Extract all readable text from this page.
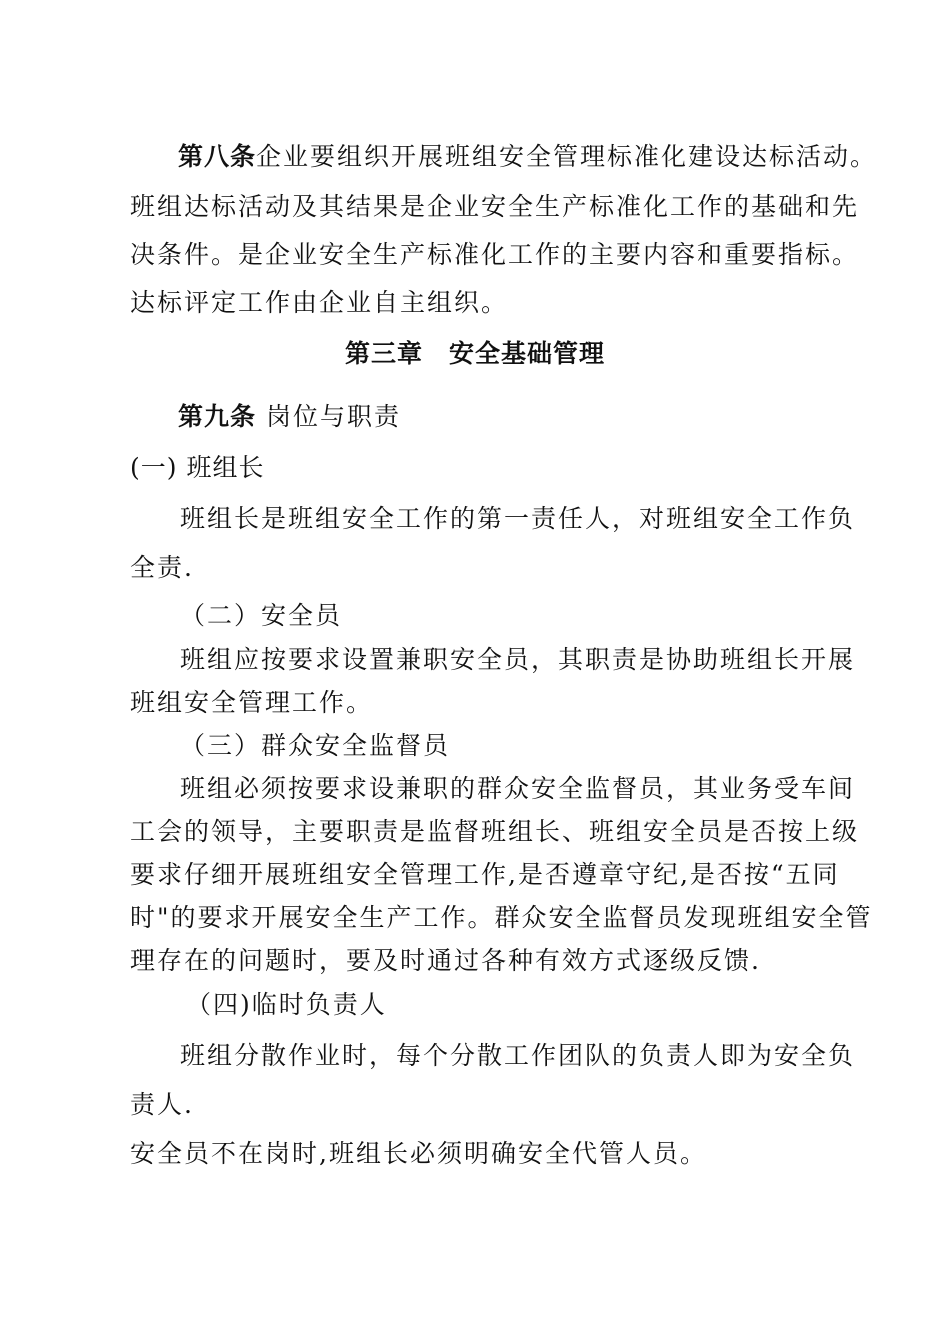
第八条企业要组织开展班组安全管理标准化建设达标活动。
班组达标活动及其结果是企业安全生产标准化工作的基础和先
决条件。是企业安全生产标准化工作的主要内容和重要指标。
达标评定工作由企业自主组织。
第三章　安全基础管理
第九条 岗位与职责
(一) 班组长
班组长是班组安全工作的第一责任人，对班组安全工作负
全责.
（二）安全员
班组应按要求设置兼职安全员，其职责是协助班组长开展
班组安全管理工作。
（三）群众安全监督员
班组必须按要求设兼职的群众安全监督员，其业务受车间
工会的领导，主要职责是监督班组长、班组安全员是否按上级
要求仔细开展班组安全管理工作,是否遵章守纪,是否按“五同
时"的要求开展安全生产工作。群众安全监督员发现班组安全管
理存在的问题时，要及时通过各种有效方式逐级反馈.
（四)临时负责人
班组分散作业时，每个分散工作团队的负责人即为安全负
责人.
安全员不在岗时,班组长必须明确安全代管人员。
